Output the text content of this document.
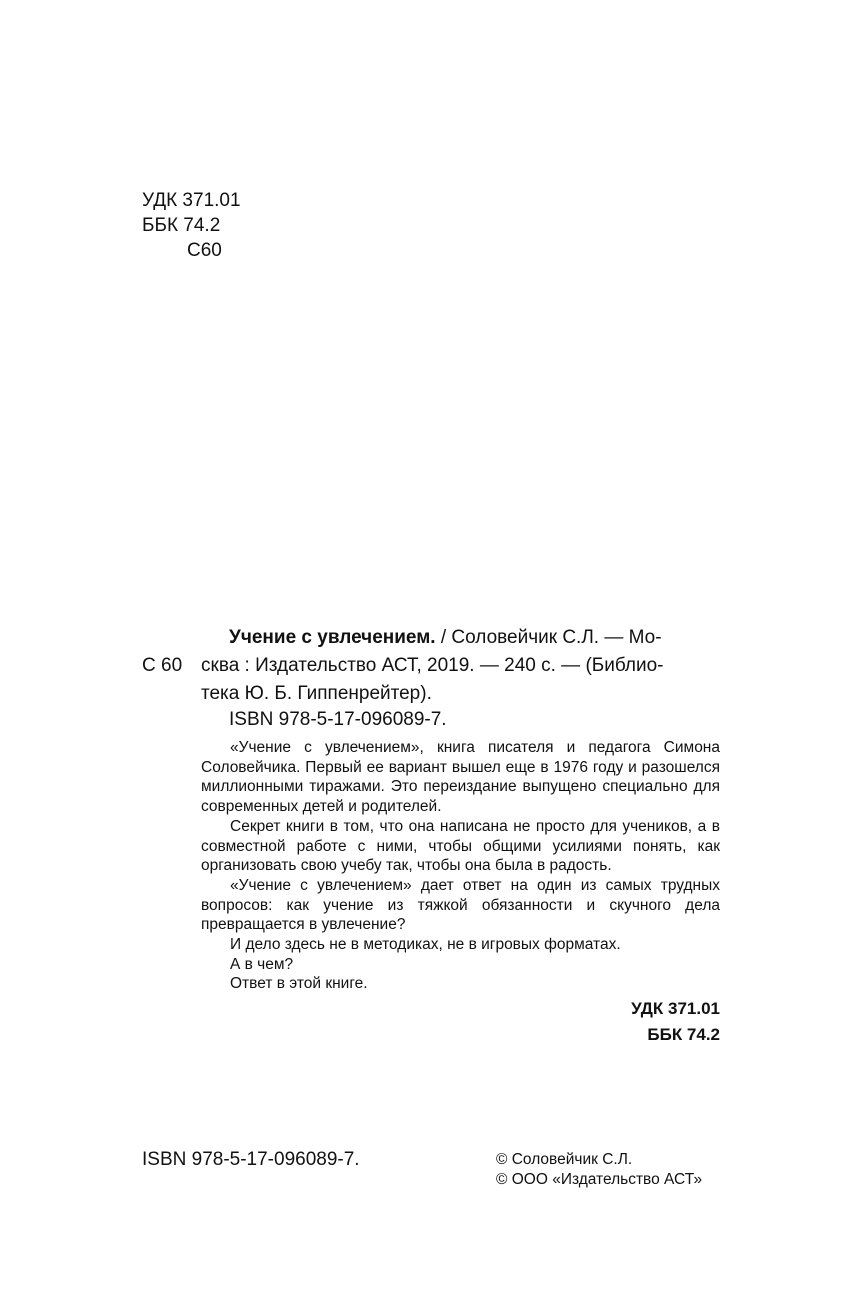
УДК 371.01
ББК 74.2
С60
Учение с увлечением. / Соловейчик С.Л. — Мо-
С 60 сква : Издательство АСТ, 2019. — 240 с. — (Библио-
тека Ю. Б. Гиппенрейтер).
ISBN 978-5-17-096089-7.

«Учение с увлечением», книга писателя и педагога Симона Соловейчика. Первый ее вариант вышел еще в 1976 году и разошелся миллионными тиражами. Это переиздание выпущено специально для современных детей и родителей.

Секрет книги в том, что она написана не просто для учеников, а в совместной работе с ними, чтобы общими усилиями понять, как организовать свою учебу так, чтобы она была в радость.

«Учение с увлечением» дает ответ на один из самых трудных вопросов: как учение из тяжкой обязанности и скучного дела превращается в увлечение?

И дело здесь не в методиках, не в игровых форматах.

А в чем?

Ответ в этой книге.

УДК 371.01
ББК 74.2
ISBN 978-5-17-096089-7.	© Соловейчик С.Л.
© ООО «Издательство АСТ»
